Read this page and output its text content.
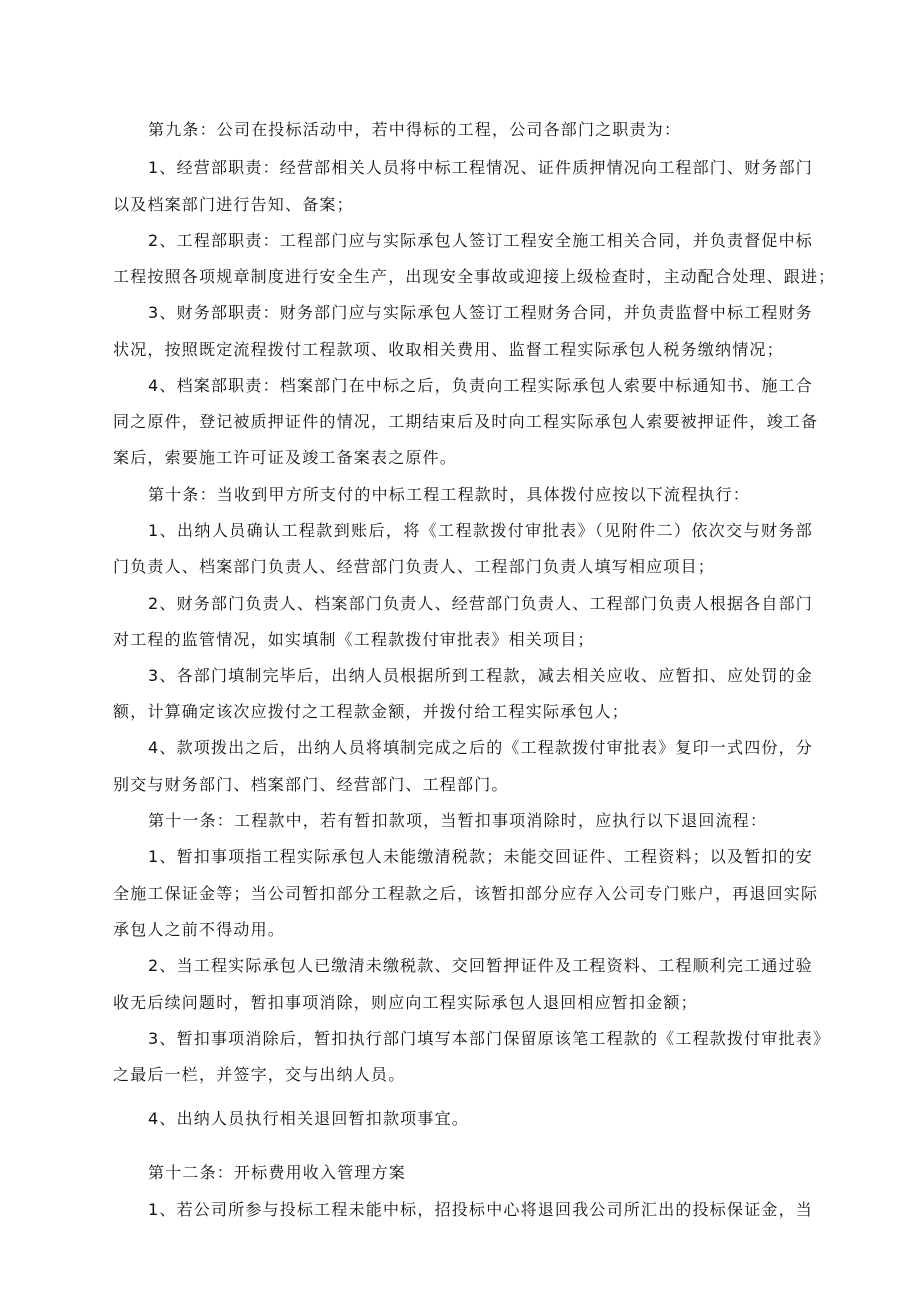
第九条：公司在投标活动中，若中得标的工程，公司各部门之职责为：
1、经营部职责：经营部相关人员将中标工程情况、证件质押情况向工程部门、财务部门
以及档案部门进行告知、备案；
2、工程部职责：工程部门应与实际承包人签订工程安全施工相关合同，并负责督促中标
工程按照各项规章制度进行安全生产，出现安全事故或迎接上级检查时，主动配合处理、跟进；
3、财务部职责：财务部门应与实际承包人签订工程财务合同，并负责监督中标工程财务
状况，按照既定流程拨付工程款项、收取相关费用、监督工程实际承包人税务缴纳情况；
4、档案部职责：档案部门在中标之后，负责向工程实际承包人索要中标通知书、施工合
同之原件，登记被质押证件的情况，工期结束后及时向工程实际承包人索要被押证件，竣工备
案后，索要施工许可证及竣工备案表之原件。
第十条：当收到甲方所支付的中标工程工程款时，具体拨付应按以下流程执行：
1、出纳人员确认工程款到账后，将《工程款拨付审批表》（见附件二）依次交与财务部
门负责人、档案部门负责人、经营部门负责人、工程部门负责人填写相应项目；
2、财务部门负责人、档案部门负责人、经营部门负责人、工程部门负责人根据各自部门
对工程的监管情况，如实填制《工程款拨付审批表》相关项目；
3、各部门填制完毕后，出纳人员根据所到工程款，减去相关应收、应暂扣、应处罚的金
额，计算确定该次应拨付之工程款金额，并拨付给工程实际承包人；
4、款项拨出之后，出纳人员将填制完成之后的《工程款拨付审批表》复印一式四份，分
别交与财务部门、档案部门、经营部门、工程部门。
第十一条：工程款中，若有暂扣款项，当暂扣事项消除时，应执行以下退回流程：
1、暂扣事项指工程实际承包人未能缴清税款；未能交回证件、工程资料；以及暂扣的安
全施工保证金等；当公司暂扣部分工程款之后，该暂扣部分应存入公司专门账户，再退回实际
承包人之前不得动用。
2、当工程实际承包人已缴清未缴税款、交回暂押证件及工程资料、工程顺利完工通过验
收无后续问题时，暂扣事项消除，则应向工程实际承包人退回相应暂扣金额；
3、暂扣事项消除后，暂扣执行部门填写本部门保留原该笔工程款的《工程款拨付审批表》
之最后一栏，并签字，交与出纳人员。
4、出纳人员执行相关退回暂扣款项事宜。
第十二条：开标费用收入管理方案
1、若公司所参与投标工程未能中标，招投标中心将退回我公司所汇出的投标保证金，当
